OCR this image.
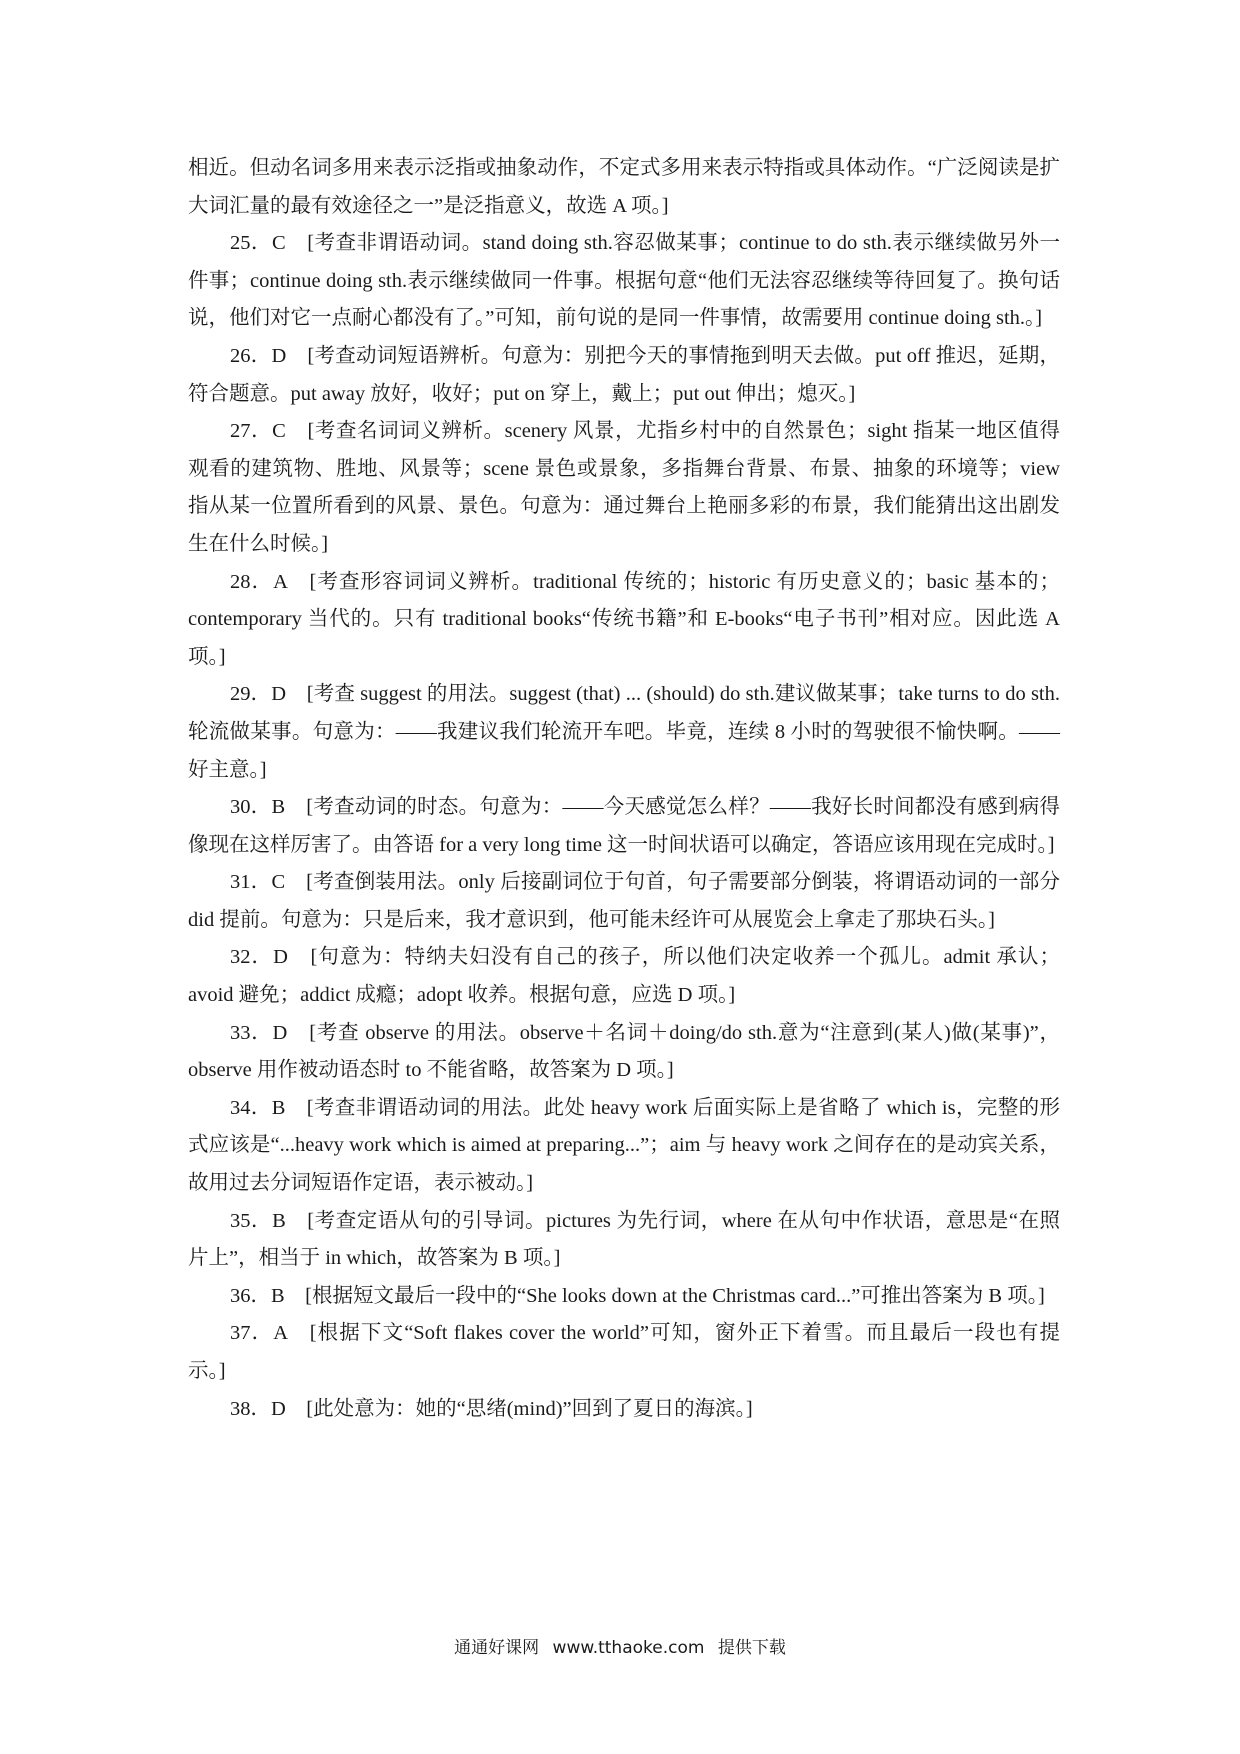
相近。但动名词多用来表示泛指或抽象动作，不定式多用来表示特指或具体动作。“广泛阅读是扩大词汇量的最有效途径之一”是泛指意义，故选 A 项。]

25．C　[考查非谓语动词。stand doing sth.容忍做某事；continue to do sth.表示继续做另外一件事；continue doing sth.表示继续做同一件事。根据句意“他们无法容忍继续等待回复了。换句话说，他们对它一点耐心都没有了。”可知，前句说的是同一件事情，故需要用 continue doing sth.。]

26．D　[考查动词短语辨析。句意为：别把今天的事情拖到明天去做。put off 推迟，延期，符合题意。put away 放好，收好；put on 穿上，戴上；put out 伸出；熄灭。]

27．C　[考查名词词义辨析。scenery 风景，尤指乡村中的自然景色；sight 指某一地区值得观看的建筑物、胜地、风景等；scene 景色或景象，多指舞台背景、布景、抽象的环境等；view 指从某一位置所看到的风景、景色。句意为：通过舞台上艳丽多彩的布景，我们能猜出这出剧发生在什么时候。]

28．A　[考查形容词词义辨析。traditional 传统的；historic 有历史意义的；basic 基本的；contemporary 当代的。只有 traditional books“传统书籍”和 E-books“电子书刊”相对应。因此选 A 项。]

29．D　[考查 suggest 的用法。suggest (that) ... (should) do sth.建议做某事；take turns to do sth.轮流做某事。句意为：——我建议我们轮流开车吧。毕竟，连续 8 小时的驾驶很不愉快啊。——好主意。]

30．B　[考查动词的时态。句意为：——今天感觉怎么样？——我好长时间都没有感到病得像现在这样厉害了。由答语 for a very long time 这一时间状语可以确定，答语应该用现在完成时。]

31．C　[考查倒装用法。only 后接副词位于句首，句子需要部分倒装，将谓语动词的一部分 did 提前。句意为：只是后来，我才意识到，他可能未经许可从展览会上拿走了那块石头。]

32．D　[句意为：特纳夫妇没有自己的孩子，所以他们决定收养一个孤儿。admit 承认；avoid 避免；addict 成瘾；adopt 收养。根据句意，应选 D 项。]

33．D　[考查 observe 的用法。observe＋名词＋doing/do sth.意为“注意到(某人)做(某事)”，observe 用作被动语态时 to 不能省略，故答案为 D 项。]

34．B　[考查非谓语动词的用法。此处 heavy work 后面实际上是省略了 which is，完整的形式应该是“...heavy work which is aimed at preparing...”；aim 与 heavy work 之间存在的是动宾关系，故用过去分词短语作定语，表示被动。]

35．B　[考查定语从句的引导词。pictures 为先行词，where 在从句中作状语，意思是“在照片上”，相当于 in which，故答案为 B 项。]

36．B　[根据短文最后一段中的“She looks down at the Christmas card...”可推出答案为 B 项。]

37．A　[根据下文“Soft flakes cover the world”可知，窗外正下着雪。而且最后一段也有提示。]

38．D　[此处意为：她的“思绪(mind)”回到了夏日的海滨。]

通通好课网 www.tthaoke.com 提供下载
